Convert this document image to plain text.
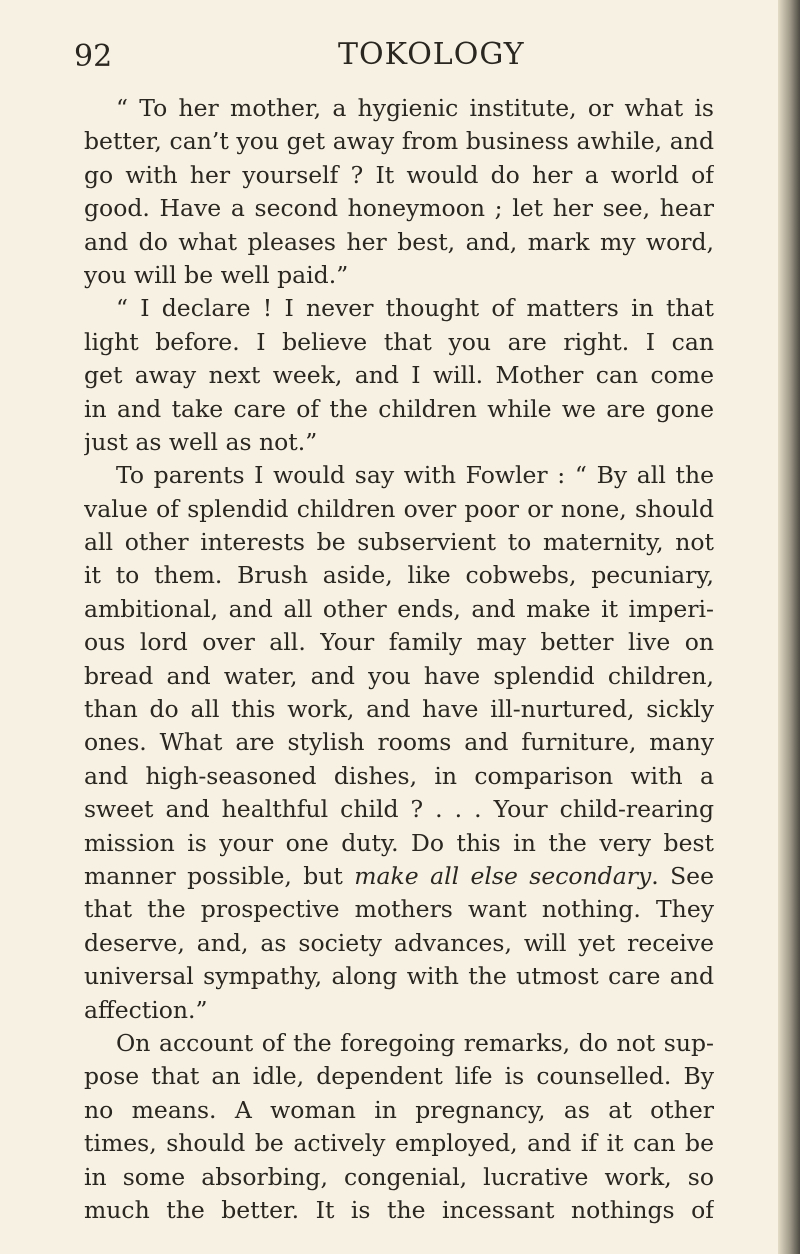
92	TOKOLOGY
“ To her mother, a hygienic institute, or what is
better, can’t you get away from business awhile, and
go with her yourself ? It would do her a world of
good. Have a second honeymoon ; let her see, hear
and do what pleases her best, and, mark my word,
you will be well paid.”
“ I declare ! I never thought of matters in that
light before. I believe that you are right. I can
get away next week, and I will. Mother can come
in and take care of the children while we are gone
just as well as not.”
To parents I would say with Fowler : “ By all the
value of splendid children over poor or none, should
all other interests be subservient to maternity, not
it to them. Brush aside, like cobwebs, pecuniary,
ambitional, and all other ends, and make it imperi-
ous lord over all. Your family may better live on
bread and water, and you have splendid children,
than do all this work, and have ill-nurtured, sickly
ones. What are stylish rooms and furniture, many
and high-seasoned dishes, in comparison with a
sweet and healthful child ? . . . Your child-rearing
mission is your one duty. Do this in the very best
manner possible, but make all else secondary. See
that the prospective mothers want nothing. They
deserve, and, as society advances, will yet receive
universal sympathy, along with the utmost care and
affection.”
On account of the foregoing remarks, do not sup-
pose that an idle, dependent life is counselled. By
no means. A woman in pregnancy, as at other
times, should be actively employed, and if it can be
in some absorbing, congenial, lucrative work, so
much the better. It is the incessant nothings of
